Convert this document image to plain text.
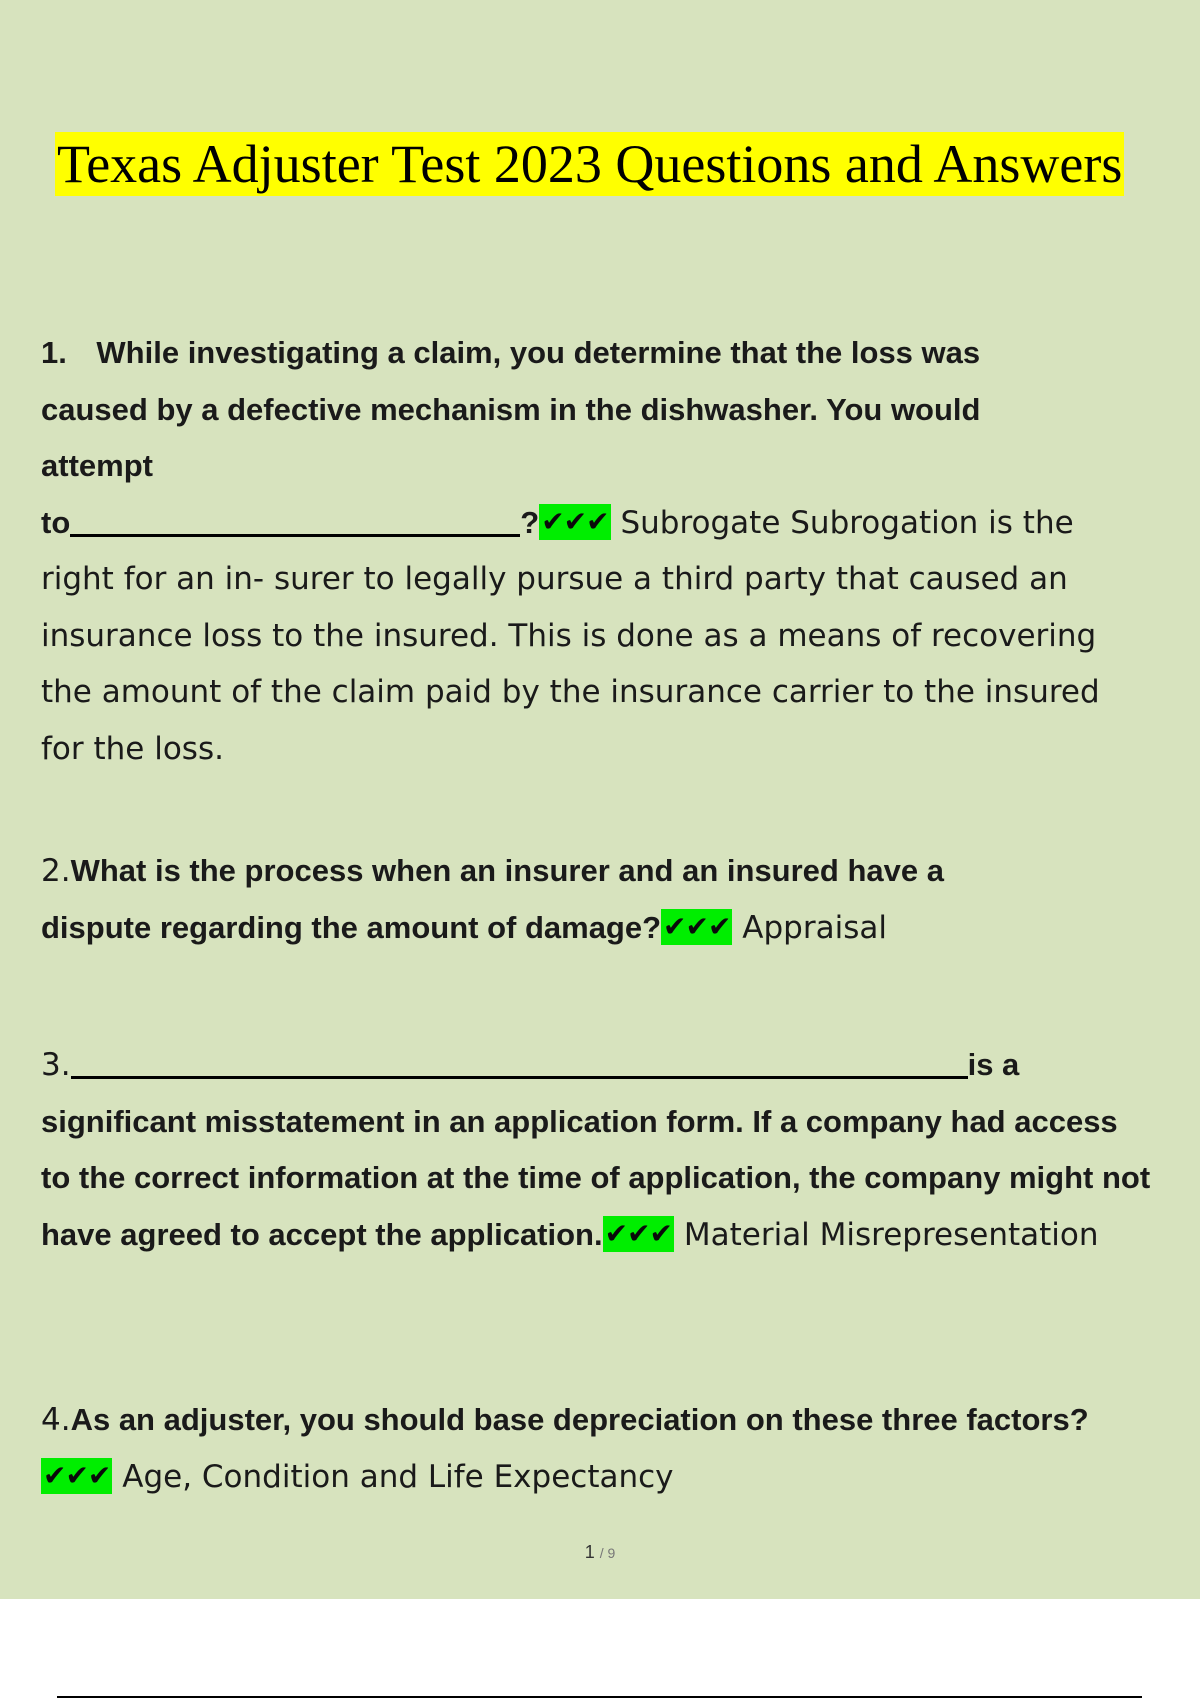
Texas Adjuster Test 2023 Questions and Answers
1. While investigating a claim, you determine that the loss was
caused by a defective mechanism in the dishwasher. You would
attempt
to	?✔✔✔ Subrogate Subrogation is the
right for an in- surer to legally pursue a third party that caused an
insurance loss to the insured. This is done as a means of recovering
the amount of the claim paid by the insurance carrier to the insured
for the loss.
2.What is the process when an insurer and an insured have a
dispute regarding the amount of damage?✔✔✔ Appraisal
3.	is a
significant misstatement in an application form. If a company had access
to the correct information at the time of application, the company might not
have agreed to accept the application.✔✔✔ Material Misrepresentation
4.As an adjuster, you should base depreciation on these three factors?
✔✔✔ Age, Condition and Life Expectancy
1 / 9
